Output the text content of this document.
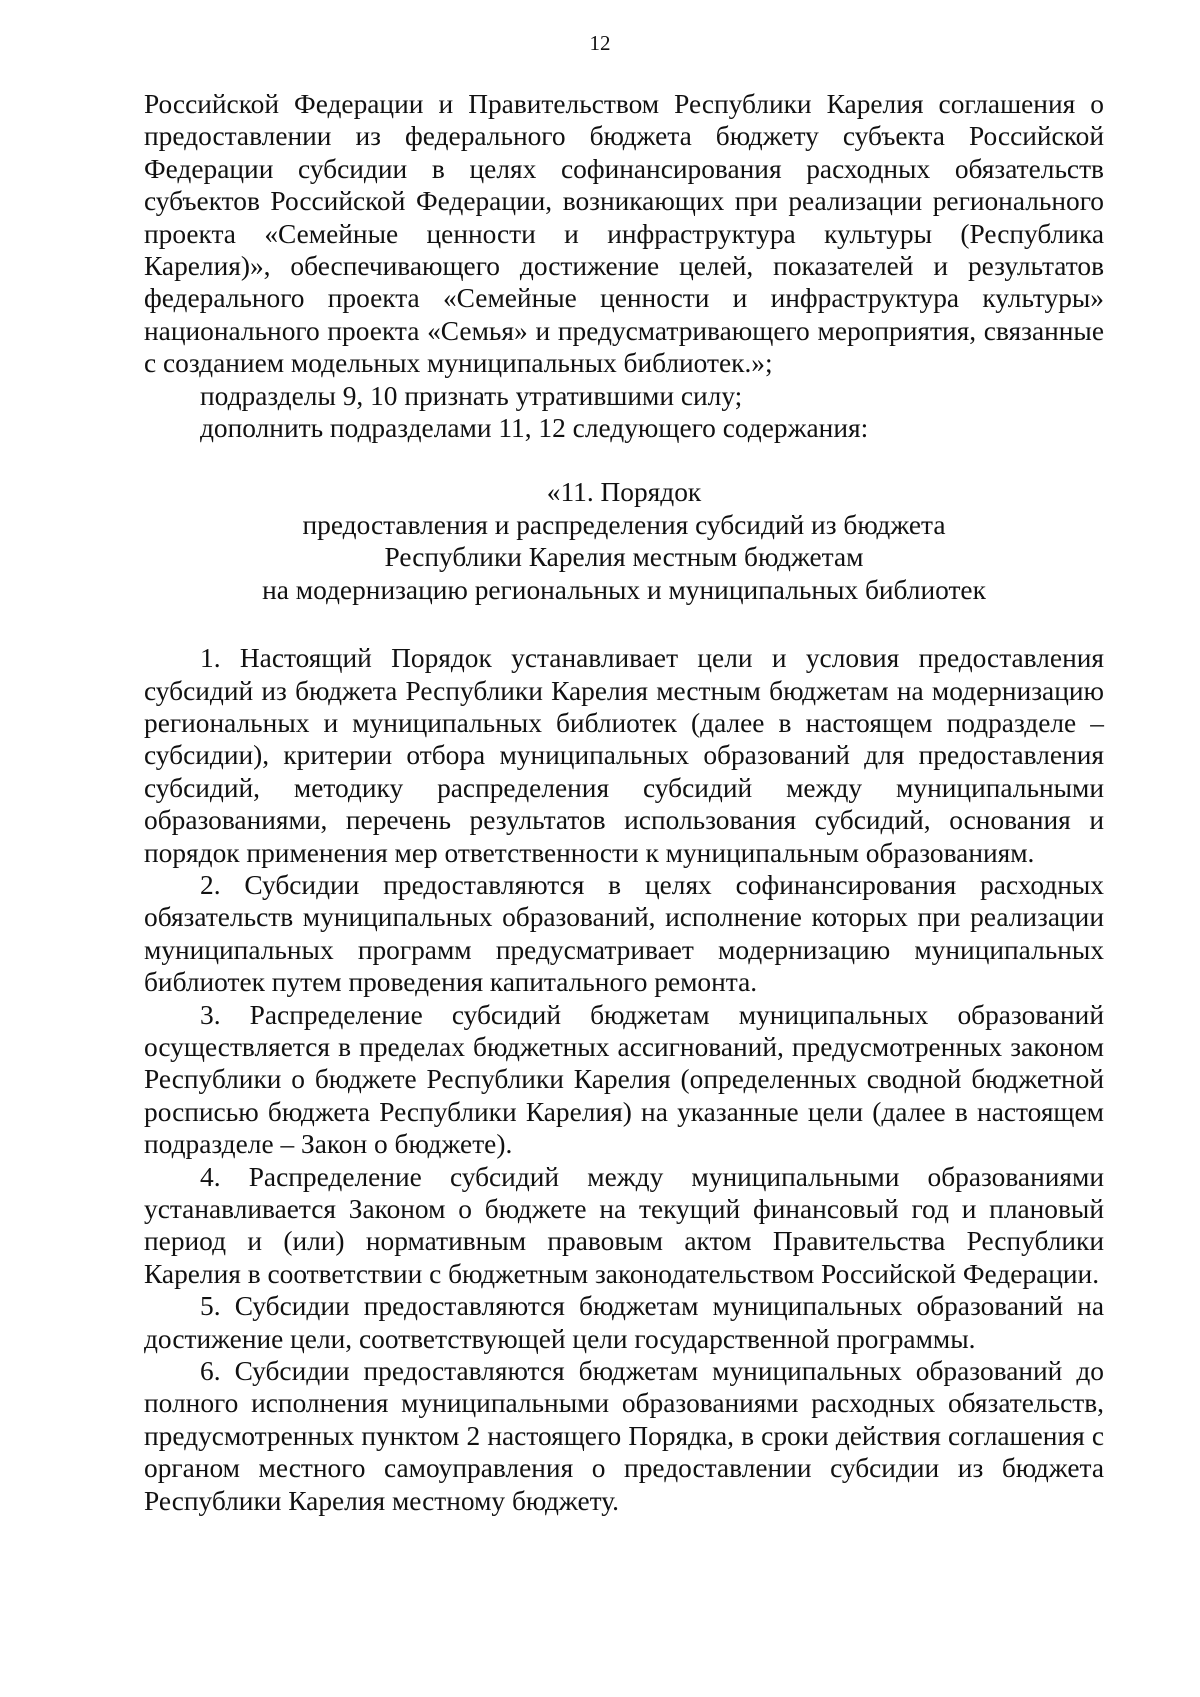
12

Российской Федерации и Правительством Республики Карелия соглашения о предоставлении из федерального бюджета бюджету субъекта Российской Федерации субсидии в целях софинансирования расходных обязательств субъектов Российской Федерации, возникающих при реализации регионального проекта «Семейные ценности и инфраструктура культуры (Республика Карелия)», обеспечивающего достижение целей, показателей и результатов федерального проекта «Семейные ценности и инфраструктура культуры» национального проекта «Семья» и предусматривающего мероприятия, связанные с созданием модельных муниципальных библиотек.»;

подразделы 9, 10 признать утратившими силу;

дополнить подразделами 11, 12 следующего содержания:

«11. Порядок
предоставления и распределения субсидий из бюджета
Республики Карелия местным бюджетам
на модернизацию региональных и муниципальных библиотек

1. Настоящий Порядок устанавливает цели и условия предоставления субсидий из бюджета Республики Карелия местным бюджетам на модернизацию региональных и муниципальных библиотек (далее в настоящем подразделе – субсидии), критерии отбора муниципальных образований для предоставления субсидий, методику распределения субсидий между муниципальными образованиями, перечень результатов использования субсидий, основания и порядок применения мер ответственности к муниципальным образованиям.

2. Субсидии предоставляются в целях софинансирования расходных обязательств муниципальных образований, исполнение которых при реализации муниципальных программ предусматривает модернизацию муниципальных библиотек путем проведения капитального ремонта.

3. Распределение субсидий бюджетам муниципальных образований осуществляется в пределах бюджетных ассигнований, предусмотренных законом Республики о бюджете Республики Карелия (определенных сводной бюджетной росписью бюджета Республики Карелия) на указанные цели (далее в настоящем подразделе – Закон о бюджете).

4. Распределение субсидий между муниципальными образованиями устанавливается Законом о бюджете на текущий финансовый год и плановый период и (или) нормативным правовым актом Правительства Республики Карелия в соответствии с бюджетным законодательством Российской Федерации.

5. Субсидии предоставляются бюджетам муниципальных образований на достижение цели, соответствующей цели государственной программы.

6. Субсидии предоставляются бюджетам муниципальных образований до полного исполнения муниципальными образованиями расходных обязательств, предусмотренных пунктом 2 настоящего Порядка, в сроки действия соглашения с органом местного самоуправления о предоставлении субсидии из бюджета Республики Карелия местному бюджету.
